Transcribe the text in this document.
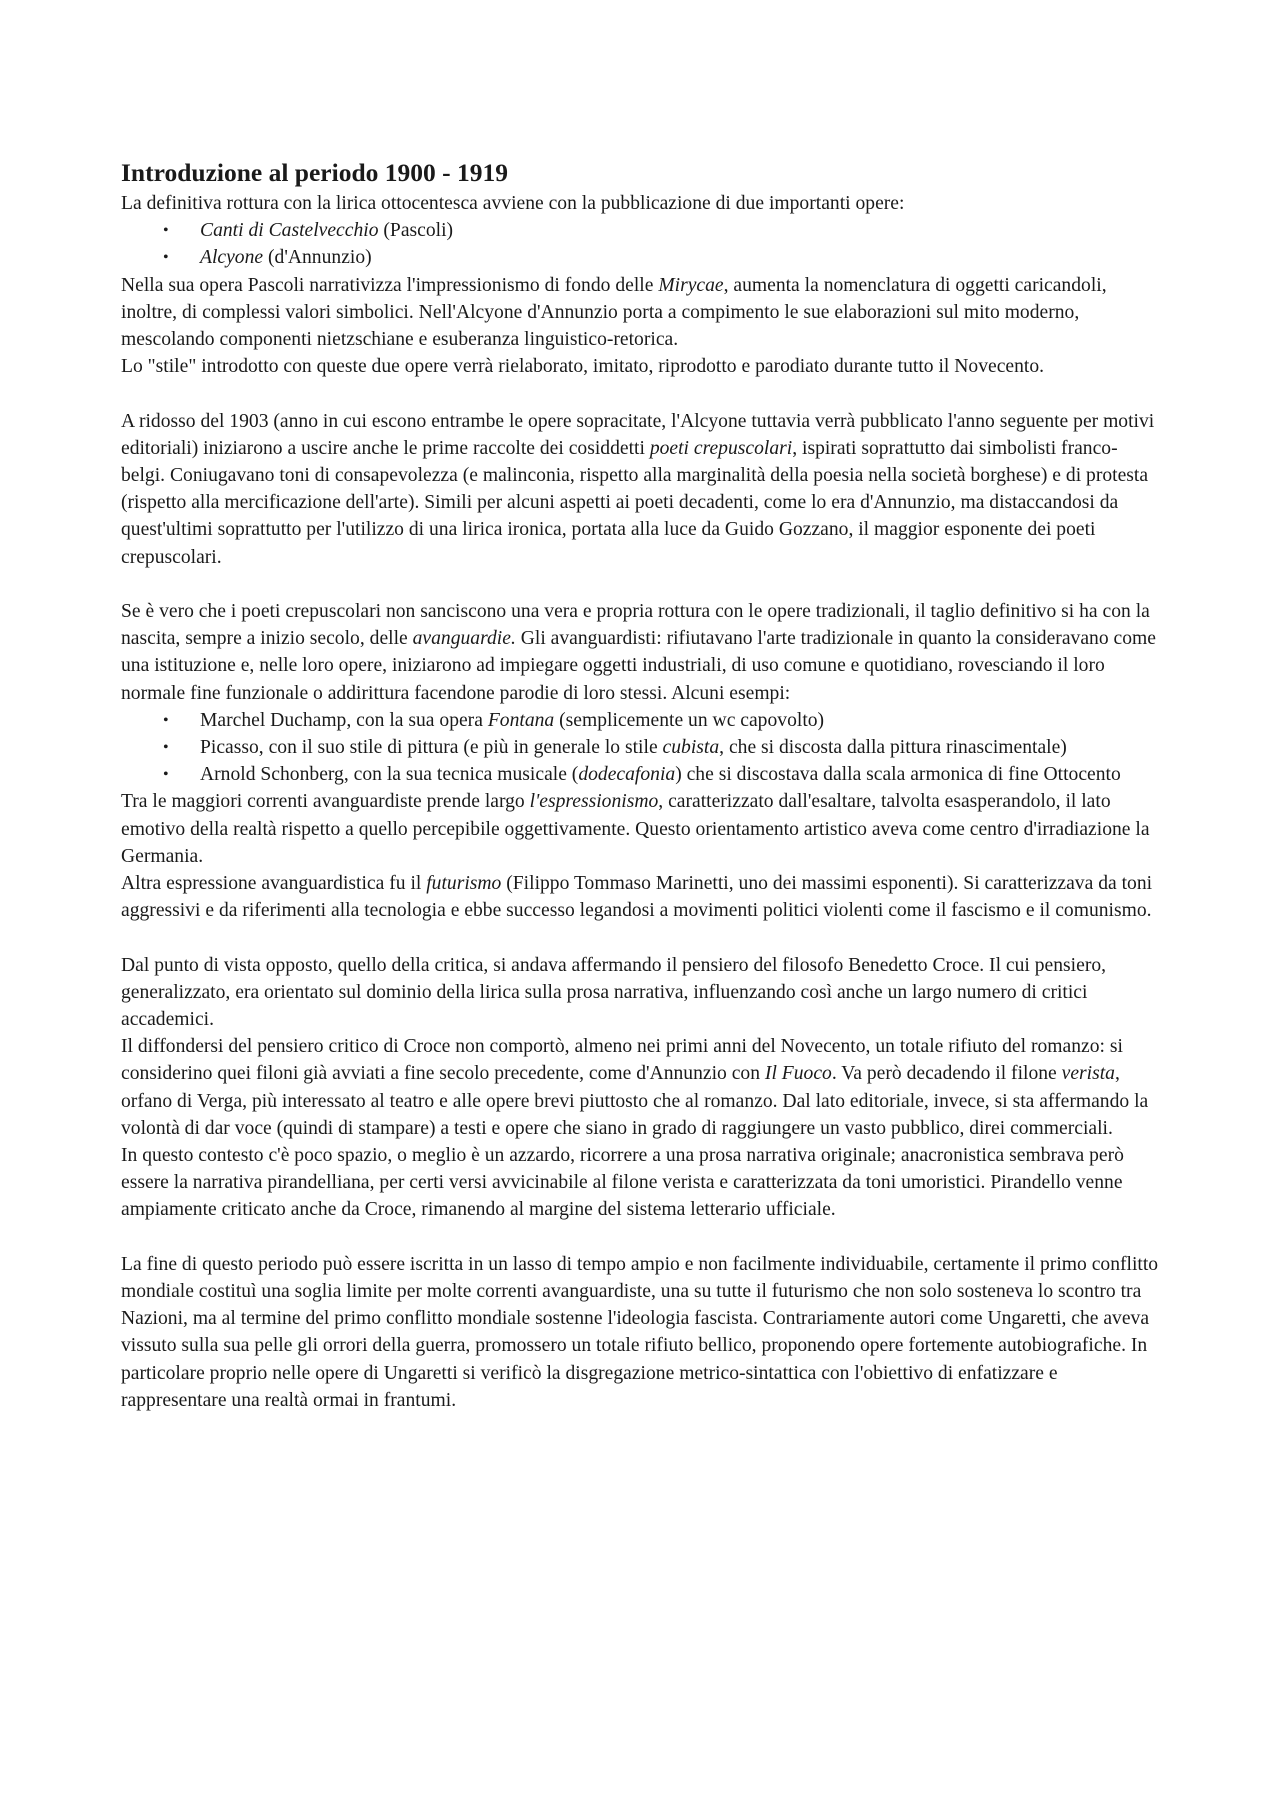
Introduzione al periodo 1900 - 1919

La definitiva rottura con la lirica ottocentesca avviene con la pubblicazione di due importanti opere:

• Canti di Castelvecchio (Pascoli)
• Alcyone (d'Annunzio)

Nella sua opera Pascoli narrativizza l'impressionismo di fondo delle Mirycae, aumenta la nomenclatura di oggetti caricandoli, inoltre, di complessi valori simbolici. Nell'Alcyone d'Annunzio porta a compimento le sue elaborazioni sul mito moderno, mescolando componenti nietzschiane e esuberanza linguistico-retorica.

Lo "stile" introdotto con queste due opere verrà rielaborato, imitato, riprodotto e parodiato durante tutto il Novecento.

A ridosso del 1903 (anno in cui escono entrambe le opere sopracitate, l'Alcyone tuttavia verrà pubblicato l'anno seguente per motivi editoriali) iniziarono a uscire anche le prime raccolte dei cosiddetti poeti crepuscolari, ispirati soprattutto dai simbolisti franco-belgi. Coniugavano toni di consapevolezza (e malinconia, rispetto alla marginalità della poesia nella società borghese) e di protesta (rispetto alla mercificazione dell'arte). Simili per alcuni aspetti ai poeti decadenti, come lo era d'Annunzio, ma distaccandosi da quest'ultimi soprattutto per l'utilizzo di una lirica ironica, portata alla luce da Guido Gozzano, il maggior esponente dei poeti crepuscolari.

Se è vero che i poeti crepuscolari non sanciscono una vera e propria rottura con le opere tradizionali, il taglio definitivo si ha con la nascita, sempre a inizio secolo, delle avanguardie. Gli avanguardisti: rifiutavano l'arte tradizionale in quanto la consideravano come una istituzione e, nelle loro opere, iniziarono ad impiegare oggetti industriali, di uso comune e quotidiano, rovesciando il loro normale fine funzionale o addirittura facendone parodie di loro stessi. Alcuni esempi:

• Marchel Duchamp, con la sua opera Fontana (semplicemente un wc capovolto)
• Picasso, con il suo stile di pittura (e più in generale lo stile cubista, che si discosta dalla pittura rinascimentale)
• Arnold Schonberg, con la sua tecnica musicale (dodecafonia) che si discostava dalla scala armonica di fine Ottocento

Tra le maggiori correnti avanguardiste prende largo l'espressionismo, caratterizzato dall'esaltare, talvolta esasperandolo, il lato emotivo della realtà rispetto a quello percepibile oggettivamente. Questo orientamento artistico aveva come centro d'irradiazione la Germania.

Altra espressione avanguardistica fu il futurismo (Filippo Tommaso Marinetti, uno dei massimi esponenti). Si caratterizzava da toni aggressivi e da riferimenti alla tecnologia e ebbe successo legandosi a movimenti politici violenti come il fascismo e il comunismo.

Dal punto di vista opposto, quello della critica, si andava affermando il pensiero del filosofo Benedetto Croce. Il cui pensiero, generalizzato, era orientato sul dominio della lirica sulla prosa narrativa, influenzando così anche un largo numero di critici accademici.

Il diffondersi del pensiero critico di Croce non comportò, almeno nei primi anni del Novecento, un totale rifiuto del romanzo: si considerino quei filoni già avviati a fine secolo precedente, come d'Annunzio con Il Fuoco. Va però decadendo il filone verista, orfano di Verga, più interessato al teatro e alle opere brevi piuttosto che al romanzo. Dal lato editoriale, invece, si sta affermando la volontà di dar voce (quindi di stampare) a testi e opere che siano in grado di raggiungere un vasto pubblico, direi commerciali.

In questo contesto c'è poco spazio, o meglio è un azzardo, ricorrere a una prosa narrativa originale; anacronistica sembrava però essere la narrativa pirandelliana, per certi versi avvicinabile al filone verista e caratterizzata da toni umoristici. Pirandello venne ampiamente criticato anche da Croce, rimanendo al margine del sistema letterario ufficiale.

La fine di questo periodo può essere iscritta in un lasso di tempo ampio e non facilmente individuabile, certamente il primo conflitto mondiale costituì una soglia limite per molte correnti avanguardiste, una su tutte il futurismo che non solo sosteneva lo scontro tra Nazioni, ma al termine del primo conflitto mondiale sostenne l'ideologia fascista. Contrariamente autori come Ungaretti, che aveva vissuto sulla sua pelle gli orrori della guerra, promossero un totale rifiuto bellico, proponendo opere fortemente autobiografiche. In particolare proprio nelle opere di Ungaretti si verificò la disgregazione metrico-sintattica con l'obiettivo di enfatizzare e rappresentare una realtà ormai in frantumi.
